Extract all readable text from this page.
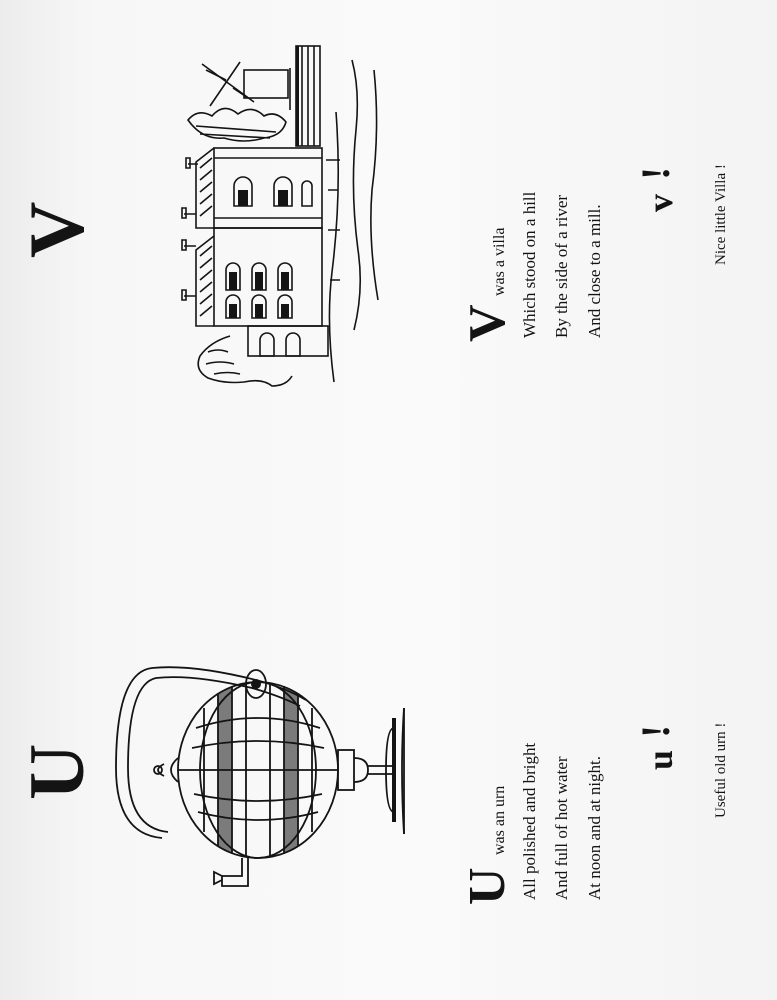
V
U
V
was a villa Which stood on a hill By the side of a river And close to a mill.
v
! Nice little Villa !
U
was an urn All polished and bright And full of hot water At noon and at night. u
! Useful old urn !
